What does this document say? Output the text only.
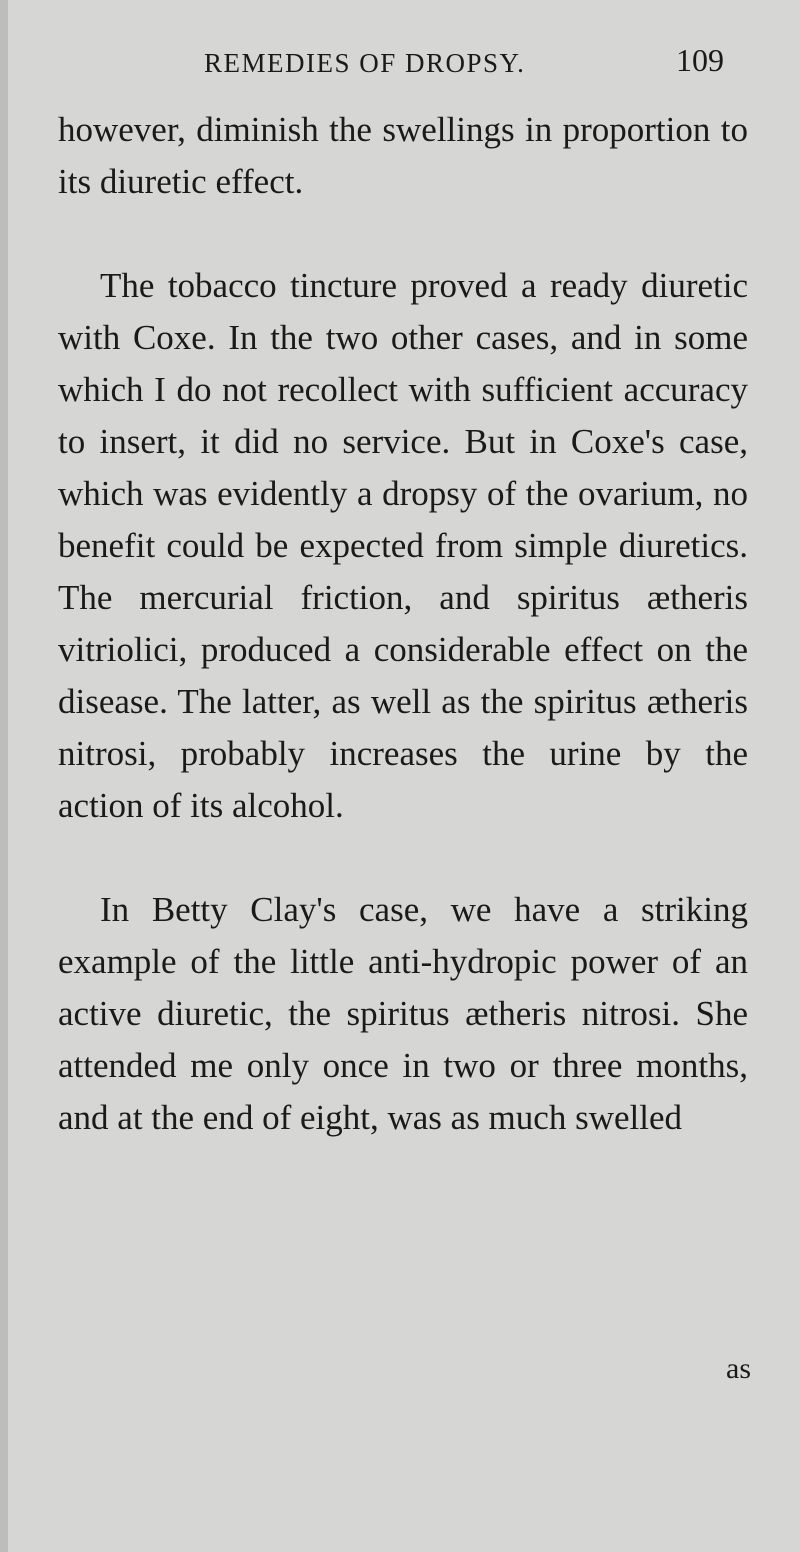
REMEDIES OF DROPSY.	109

however, diminish the swellings in proportion to its diuretic effect.

The tobacco tincture proved a ready diuretic with Coxe. In the two other cases, and in some which I do not recollect with sufficient accuracy to insert, it did no service. But in Coxe's case, which was evidently a dropsy of the ovarium, no benefit could be expected from simple diuretics. The mercurial friction, and spiritus ætheris vitriolici, produced a considerable effect on the disease. The latter, as well as the spiritus ætheris nitrosi, probably increases the urine by the action of its alcohol.

In Betty Clay's case, we have a striking example of the little anti-hydropic power of an active diuretic, the spiritus ætheris nitrosi. She attended me only once in two or three months, and at the end of eight, was as much swelled

as
